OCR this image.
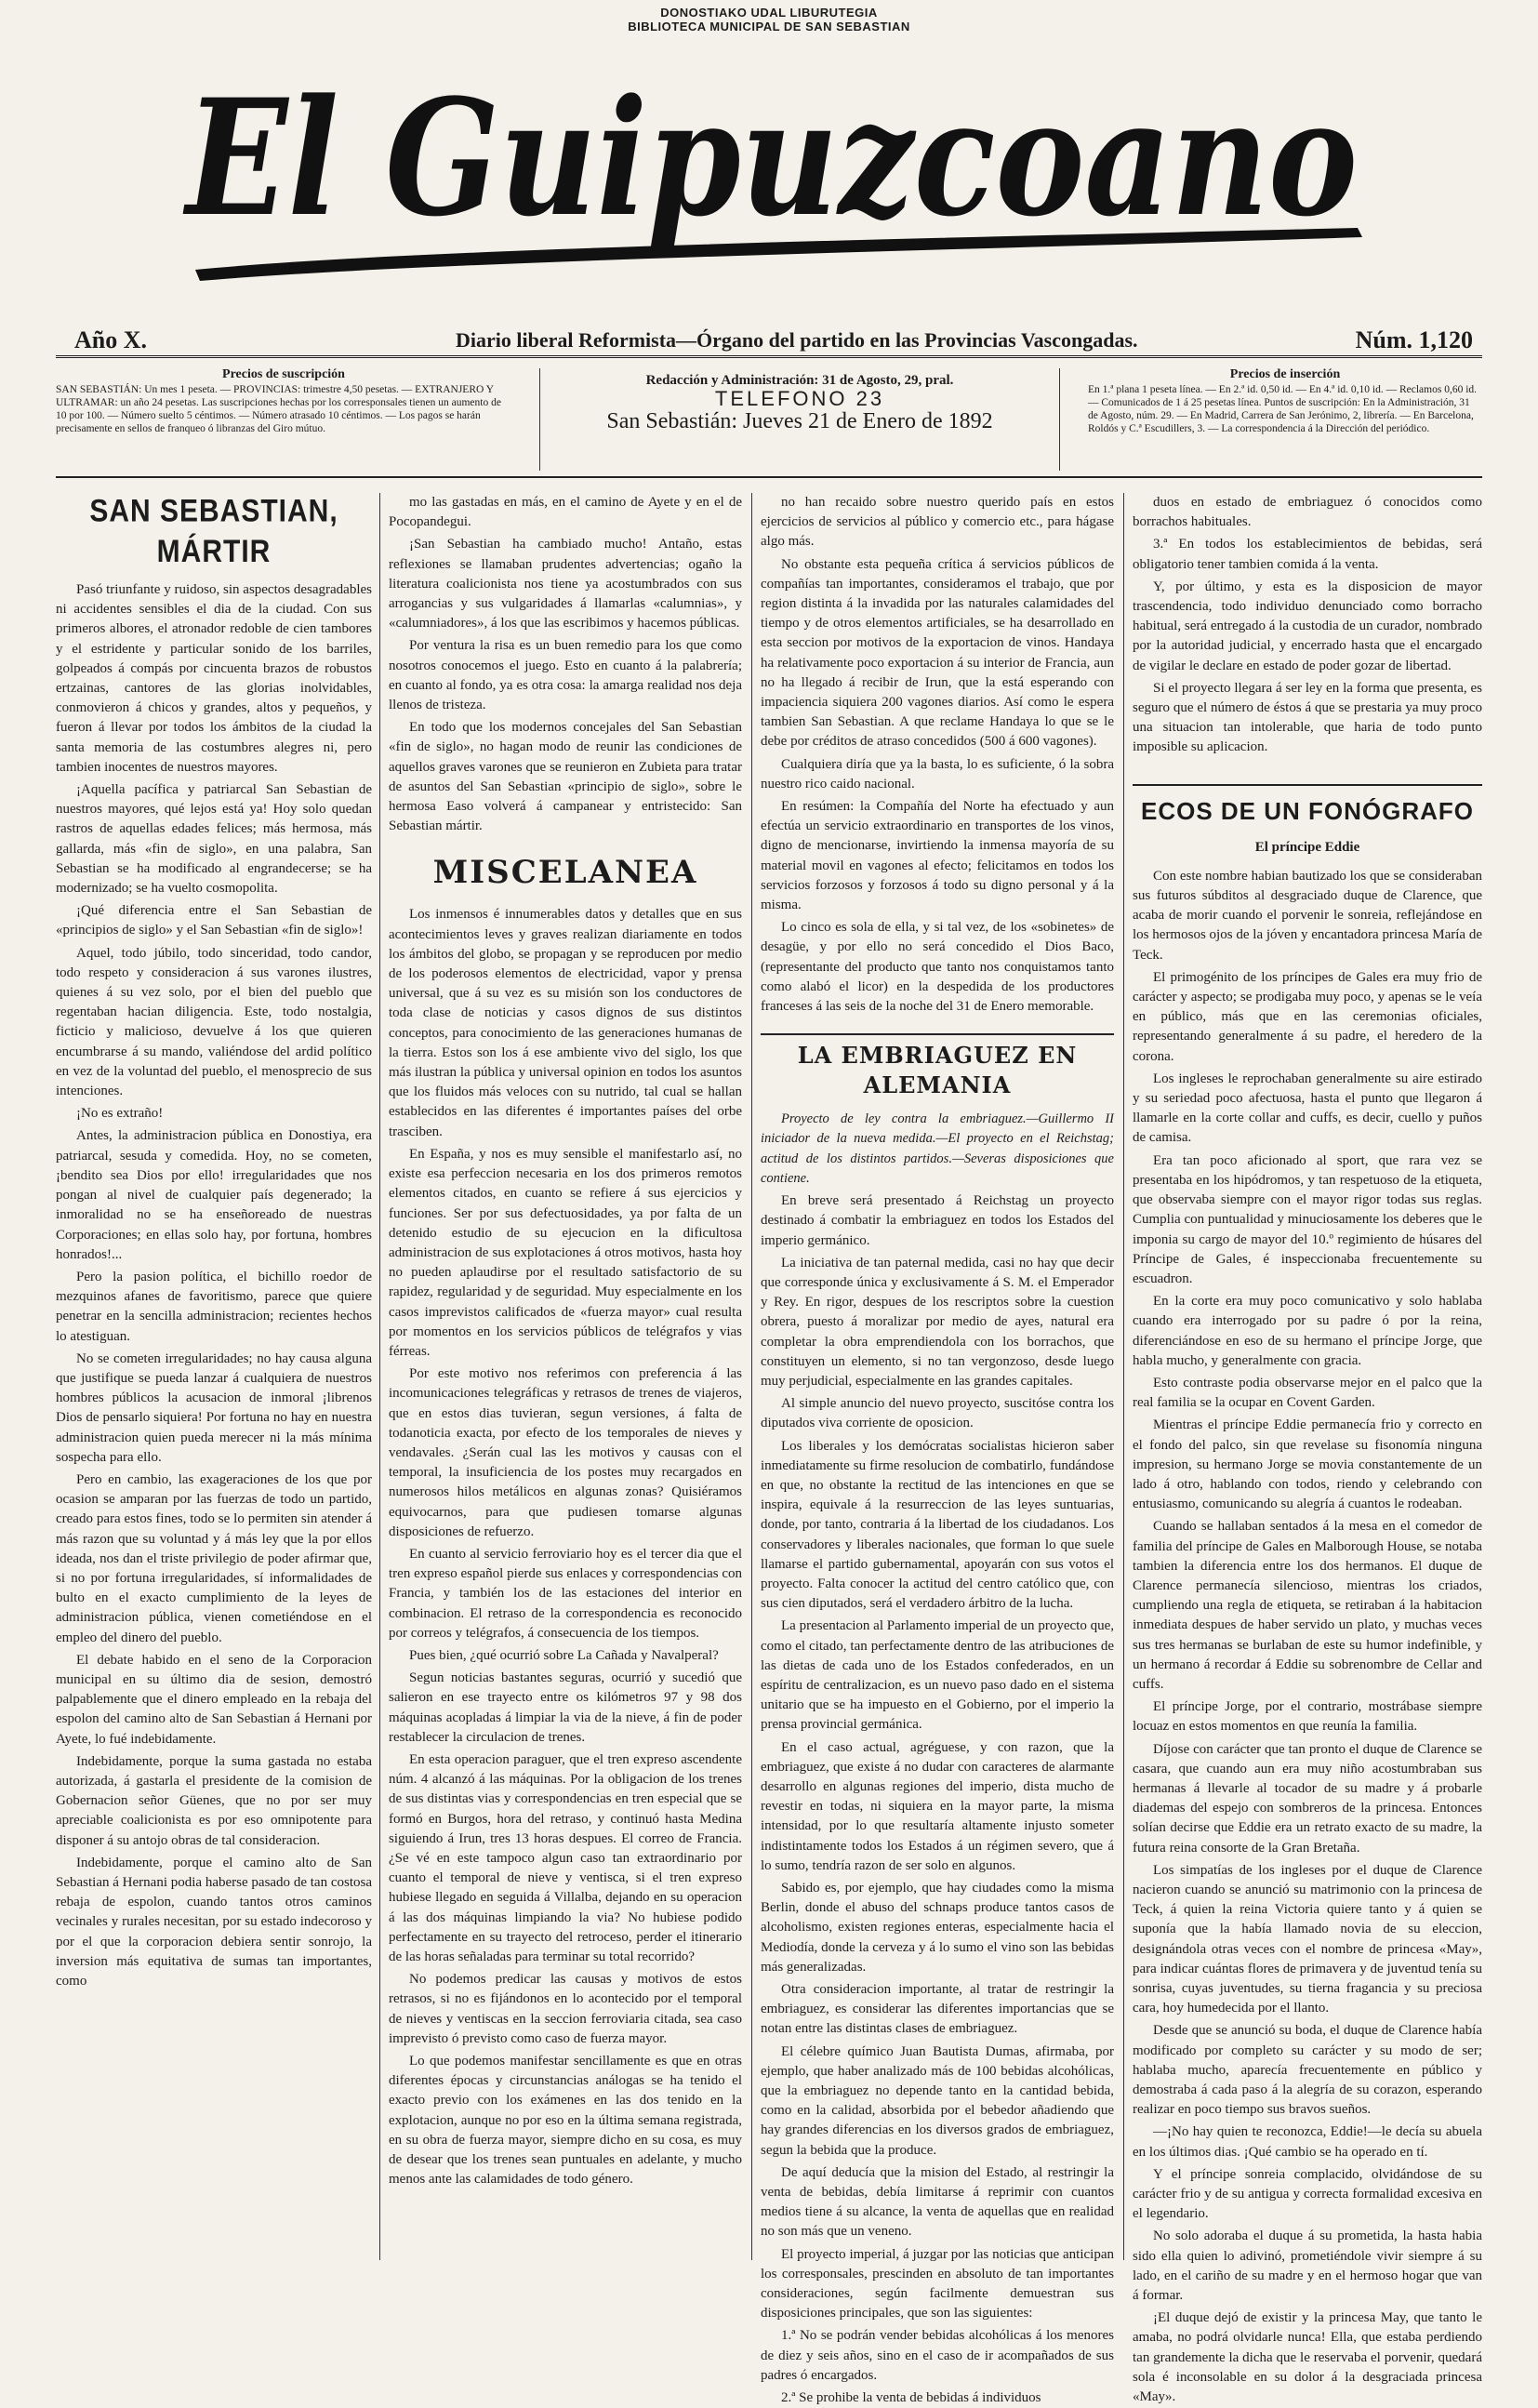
DONOSTIAKO UDAL LIBURUTEGIA
BIBLIOTECA MUNICIPAL DE SAN SEBASTIAN
El Guipuzcoano
Año X.	Diario liberal Reformista—Órgano del partido en las Provincias Vascongadas.	Núm. 1,120
Precios de suscripción
SAN SEBASTIÁN: Un mes 1 peseta. — PROVINCIAS: trimestre 4,50 pesetas. — EXTRANJERO Y ULTRAMAR: un año 24 pesetas. Las suscripciones hechas por los corresponsales tienen un aumento de 10 por 100. — Número suelto 5 céntimos. — Número atrasado 10 céntimos. — Los pagos se harán precisamente en sellos de franqueo ó libranzas del Giro mútuo.
Redacción y Administración: 31 de Agosto, 29, pral.
TELEFONO 23
San Sebastián: Jueves 21 de Enero de 1892
Precios de inserción
En 1.ª plana 1 peseta línea. — En 2.ª id. 0,50 id. — En 4.ª id. 0,10 id. — Reclamos 0,60 id. — Comunicados de 1 á 25 pesetas línea. Puntos de suscripción: En la Administración, 31 de Agosto, núm. 29. — En Madrid, Carrera de San Jerónimo, 2, librería. — En Barcelona, Roldós y C.ª Escudillers, 3. — La correspondencia á la Dirección del periódico.
SAN SEBASTIAN, MÁRTIR

Pasó triunfante y ruidoso, sin aspectos desagradables ni accidentes sensibles el dia de la ciudad. Con sus primeros albores, el atronador redoble de cien tambores y el estridente y particular sonido de los barriles, golpeados á compás por cincuenta brazos de robustos ertzainas, cantores de las glorias inolvidables, conmovieron á chicos y grandes, altos y pequeños, y fueron á llevar por todos los ámbitos de la ciudad la santa memoria de las costumbres alegres ni, pero tambien inocentes de nuestros mayores.

¡Aquella pacífica y patriarcal San Sebastian de nuestros mayores, qué lejos está ya! Hoy solo quedan rastros de aquellas edades felices; más hermosa, más gallarda, más «fin de siglo», en una palabra, San Sebastian se ha modificado al engrandecerse; se ha modernizado; se ha vuelto cosmopolita.

¡Qué diferencia entre el San Sebastian de «principios de siglo» y el San Sebastian «fin de siglo»!

Aquel, todo júbilo, todo sinceridad, todo candor, todo respeto y consideracion á sus varones ilustres, quienes á su vez solo, por el bien del pueblo que regentaban hacian diligencia. Este, todo nostalgia, ficticio y malicioso, devuelve á los que quieren encumbrarse á su mando, valiéndose del ardid político en vez de la voluntad del pueblo, el menosprecio de sus intenciones.

¡No es extraño!

Antes, la administracion pública en Donostiya, era patriarcal, sesuda y comedida. Hoy, no se cometen, ¡bendito sea Dios por ello! irregularidades que nos pongan al nivel de cualquier país degenerado; la inmoralidad no se ha enseñoreado de nuestras Corporaciones; en ellas solo hay, por fortuna, hombres honrados!...

Pero la pasion política, el bichillo roedor de mezquinos afanes de favoritismo, parece que quiere penetrar en la sencilla administracion; recientes hechos lo atestiguan.

No se cometen irregularidades; no hay causa alguna que justifique se pueda lanzar á cualquiera de nuestros hombres públicos la acusacion de inmoral ¡librenos Dios de pensarlo siquiera! Por fortuna no hay en nuestra administracion quien pueda merecer ni la más mínima sospecha para ello.

Pero en cambio, las exageraciones de los que por ocasion se amparan por las fuerzas de todo un partido, creado para estos fines, todo se lo permiten sin atender á más razon que su voluntad y á más ley que la por ellos ideada, nos dan el triste privilegio de poder afirmar que, si no por fortuna irregularidades, sí informalidades de bulto en el exacto cumplimiento de la leyes de administracion pública, vienen cometiéndose en el empleo del dinero del pueblo.

El debate habido en el seno de la Corporacion municipal en su último dia de sesion, demostró palpablemente que el dinero empleado en la rebaja del espolon del camino alto de San Sebastian á Hernani por Ayete, lo fué indebidamente.

Indebidamente, porque la suma gastada no estaba autorizada, á gastarla el presidente de la comision de Gobernacion señor Güenes, que no por ser muy apreciable coalicionista es por eso omnipotente para disponer á su antojo obras de tal consideracion.

Indebidamente, porque el camino alto de San Sebastian á Hernani podia haberse pasado de tan costosa rebaja de espolon, cuando tantos otros caminos vecinales y rurales necesitan, por su estado indecoroso y por el que la corporacion debiera sentir sonrojo, la inversion más equitativa de sumas tan importantes, como

mo las gastadas en más, en el camino de Ayete y en el de Pocopandegui.

¡San Sebastian ha cambiado mucho! Antaño, estas reflexiones se llamaban prudentes advertencias; ogaño la literatura coalicionista nos tiene ya acostumbrados con sus arrogancias y sus vulgaridades á llamarlas «calumnias», y «calumniadores», á los que las escribimos y hacemos públicas.

Por ventura la risa es un buen remedio para los que como nosotros conocemos el juego. Esto en cuanto á la palabrería; en cuanto al fondo, ya es otra cosa: la amarga realidad nos deja llenos de tristeza.

En todo que los modernos concejales del San Sebastian «fin de siglo», no hagan modo de reunir las condiciones de aquellos graves varones que se reunieron en Zubieta para tratar de asuntos del San Sebastian «principio de siglo», sobre le hermosa Easo volverá á campanear y entristecido: San Sebastian mártir.

MISCELANEA

Los inmensos é innumerables datos y detalles que en sus acontecimientos leves y graves realizan diariamente en todos los ámbitos del globo, se propagan y se reproducen por medio de los poderosos elementos de electricidad, vapor y prensa universal, que á su vez es su misión son los conductores de toda clase de noticias y casos dignos de sus distintos conceptos, para conocimiento de las generaciones humanas de la tierra. Estos son los á ese ambiente vivo del siglo, los que más ilustran la pública y universal opinion en todos los asuntos que los fluidos más veloces con su nutrido, tal cual se hallan establecidos en las diferentes é importantes países del orbe trasciben.

En España, y nos es muy sensible el manifestarlo así, no existe esa perfeccion necesaria en los dos primeros remotos elementos citados, en cuanto se refiere á sus ejercicios y funciones. Ser por sus defectuosidades, ya por falta de un detenido estudio de su ejecucion en la dificultosa administracion de sus explotaciones á otros motivos, hasta hoy no pueden aplaudirse por el resultado satisfactorio de su rapidez, regularidad y de seguridad. Muy especialmente en los casos imprevistos calificados de «fuerza mayor» cual resulta por momentos en los servicios públicos de telégrafos y vias férreas.

Por este motivo nos referimos con preferencia á las incomunicaciones telegráficas y retrasos de trenes de viajeros, que en estos dias tuvieran, segun versiones, á falta de todanoticia exacta, por efecto de los temporales de nieves y vendavales. ¿Serán cual las les motivos y causas con el temporal, la insuficiencia de los postes muy recargados en numerosos hilos metálicos en algunas zonas? Quisiéramos equivocarnos, para que pudiesen tomarse algunas disposiciones de refuerzo.

En cuanto al servicio ferroviario hoy es el tercer dia que el tren expreso español pierde sus enlaces y correspondencias con Francia, y también los de las estaciones del interior en combinacion. El retraso de la correspondencia es reconocido por correos y telégrafos, á consecuencia de los tiempos.

Pues bien, ¿qué ocurrió sobre La Cañada y Navalperal?

Segun noticias bastantes seguras, ocurrió y sucedió que salieron en ese trayecto entre os kilómetros 97 y 98 dos máquinas acopladas á limpiar la via de la nieve, á fin de poder restablecer la circulacion de trenes.

En esta operacion paraguer, que el tren expreso ascendente núm. 4 alcanzó á las máquinas. Por la obligacion de los trenes de sus distintas vias y correspondencias en tren especial que se formó en Burgos, hora del retraso, y continuó hasta Medina siguiendo á Irun, tres 13 horas despues. El correo de Francia. ¿Se vé en este tampoco algun caso tan extraordinario por cuanto el temporal de nieve y ventisca, si el tren expreso hubiese llegado en seguida á Villalba, dejando en su operacion á las dos máquinas limpiando la via? No hubiese podido perfectamente en su trayecto del retroceso, perder el itinerario de las horas señaladas para terminar su total recorrido?

No podemos predicar las causas y motivos de estos retrasos, si no es fijándonos en lo acontecido por el temporal de nieves y ventiscas en la seccion ferroviaria citada, sea caso imprevisto ó previsto como caso de fuerza mayor.

Lo que podemos manifestar sencillamente es que en otras diferentes épocas y circunstancias análogas se ha tenido el exacto previo con los exámenes en las dos tenido en la explotacion, aunque no por eso en la última semana registrada, en su obra de fuerza mayor, siempre dicho en su cosa, es muy de desear que los trenes sean puntuales en adelante, y mucho menos ante las calamidades de todo género.

no han recaido sobre nuestro querido país en estos ejercicios de servicios al público y comercio etc., para hágase algo más.

No obstante esta pequeña crítica á servicios públicos de compañías tan importantes, consideramos el trabajo, que por region distinta á la invadida por las naturales calamidades del tiempo y de otros elementos artificiales, se ha desarrollado en esta seccion por motivos de la exportacion de vinos. Handaya ha relativamente poco exportacion á su interior de Francia, aun no ha llegado á recibir de Irun, que la está esperando con impaciencia siquiera 200 vagones diarios. Así como le espera tambien San Sebastian. A que reclame Handaya lo que se le debe por créditos de atraso concedidos (500 á 600 vagones).

Cualquiera diría que ya la basta, lo es suficiente, ó la sobra nuestro rico caido nacional.

En resúmen: la Compañía del Norte ha efectuado y aun efectúa un servicio extraordinario en transportes de los vinos, digno de mencionarse, invirtiendo la inmensa mayoría de su material movil en vagones al efecto; felicitamos en todos los servicios forzosos y forzosos á todo su digno personal y á la misma.

Lo cinco es sola de ella, y si tal vez, de los «sobinetes» de desagüe, y por ello no será concedido el Dios Baco, (representante del producto que tanto nos conquistamos tanto como alabó el licor) en la despedida de los productores franceses á las seis de la noche del 31 de Enero memorable.

LA EMBRIAGUEZ EN ALEMANIA

Proyecto de ley contra la embriaguez.—Guillermo II iniciador de la nueva medida.—El proyecto en el Reichstag; actitud de los distintos partidos.—Severas disposiciones que contiene.

En breve será presentado á Reichstag un proyecto destinado á combatir la embriaguez en todos los Estados del imperio germánico.

La iniciativa de tan paternal medida, casi no hay que decir que corresponde única y exclusivamente á S. M. el Emperador y Rey. En rigor, despues de los rescriptos sobre la cuestion obrera, puesto á moralizar por medio de ayes, natural era completar la obra emprendiendola con los borrachos, que constituyen un elemento, si no tan vergonzoso, desde luego muy perjudicial, especialmente en las grandes capitales.

Al simple anuncio del nuevo proyecto, suscitóse contra los diputados viva corriente de oposicion.

Los liberales y los demócratas socialistas hicieron saber inmediatamente su firme resolucion de combatirlo, fundándose en que, no obstante la rectitud de las intenciones en que se inspira, equivale á la resurreccion de las leyes suntuarias, donde, por tanto, contraria á la libertad de los ciudadanos. Los conservadores y liberales nacionales, que forman lo que suele llamarse el partido gubernamental, apoyarán con sus votos el proyecto. Falta conocer la actitud del centro católico que, con sus cien diputados, será el verdadero árbitro de la lucha.

La presentacion al Parlamento imperial de un proyecto que, como el citado, tan perfectamente dentro de las atribuciones de las dietas de cada uno de los Estados confederados, en un espíritu de centralizacion, es un nuevo paso dado en el sistema unitario que se ha impuesto en el Gobierno, por el imperio la prensa provincial germánica.

En el caso actual, agréguese, y con razon, que la embriaguez, que existe á no dudar con caracteres de alarmante desarrollo en algunas regiones del imperio, dista mucho de revestir en todas, ni siquiera en la mayor parte, la misma intensidad, por lo que resultaría altamente injusto someter indistintamente todos los Estados á un régimen severo, que á lo sumo, tendría razon de ser solo en algunos.

Sabido es, por ejemplo, que hay ciudades como la misma Berlin, donde el abuso del schnaps produce tantos casos de alcoholismo, existen regiones enteras, especialmente hacia el Mediodía, donde la cerveza y á lo sumo el vino son las bebidas más generalizadas.

Otra consideracion importante, al tratar de restringir la embriaguez, es considerar las diferentes importancias que se notan entre las distintas clases de embriaguez.

El célebre químico Juan Bautista Dumas, afirmaba, por ejemplo, que haber analizado más de 100 bebidas alcohólicas, que la embriaguez no depende tanto en la cantidad bebida, como en la calidad, absorbida por el bebedor añadiendo que hay grandes diferencias en los diversos grados de embriaguez, segun la bebida que la produce.

De aquí deducía que la mision del Estado, al restringir la venta de bebidas, debía limitarse á reprimir con cuantos medios tiene á su alcance, la venta de aquellas que en realidad no son más que un veneno.

El proyecto imperial, á juzgar por las noticias que anticipan los corresponsales, prescinden en absoluto de tan importantes consideraciones, según facilmente demuestran sus disposiciones principales, que son las siguientes:

1.ª No se podrán vender bebidas alcohólicas á los menores de diez y seis años, sino en el caso de ir acompañados de sus padres ó encargados.

2.ª Se prohibe la venta de bebidas á individuos

duos en estado de embriaguez ó conocidos como borrachos habituales.

3.ª En todos los establecimientos de bebidas, será obligatorio tener tambien comida á la venta.

Y, por último, y esta es la disposicion de mayor trascendencia, todo individuo denunciado como borracho habitual, será entregado á la custodia de un curador, nombrado por la autoridad judicial, y encerrado hasta que el encargado de vigilar le declare en estado de poder gozar de libertad.

Si el proyecto llegara á ser ley en la forma que presenta, es seguro que el número de éstos á que se prestaria ya muy proco una situacion tan intolerable, que haria de todo punto imposible su aplicacion.

ECOS DE UN FONÓGRAFO
El príncipe Eddie

Con este nombre habian bautizado los que se consideraban sus futuros súbditos al desgraciado duque de Clarence, que acaba de morir cuando el porvenir le sonreia, reflejándose en los hermosos ojos de la jóven y encantadora princesa María de Teck.

El primogénito de los príncipes de Gales era muy frio de carácter y aspecto; se prodigaba muy poco, y apenas se le veía en público, más que en las ceremonias oficiales, representando generalmente á su padre, el heredero de la corona.

Los ingleses le reprochaban generalmente su aire estirado y su seriedad poco afectuosa, hasta el punto que llegaron á llamarle en la corte collar and cuffs, es decir, cuello y puños de camisa.

Era tan poco aficionado al sport, que rara vez se presentaba en los hipódromos, y tan respetuoso de la etiqueta, que observaba siempre con el mayor rigor todas sus reglas. Cumplia con puntualidad y minuciosamente los deberes que le imponia su cargo de mayor del 10.º regimiento de húsares del Príncipe de Gales, é inspeccionaba frecuentemente su escuadron.

En la corte era muy poco comunicativo y solo hablaba cuando era interrogado por su padre ó por la reina, diferenciándose en eso de su hermano el príncipe Jorge, que habla mucho, y generalmente con gracia.

Esto contraste podia observarse mejor en el palco que la real familia se la ocupar en Covent Garden.

Mientras el príncipe Eddie permanecía frio y correcto en el fondo del palco, sin que revelase su fisonomía ninguna impresion, su hermano Jorge se movia constantemente de un lado á otro, hablando con todos, riendo y celebrando con entusiasmo, comunicando su alegría á cuantos le rodeaban.

Cuando se hallaban sentados á la mesa en el comedor de familia del príncipe de Gales en Malborough House, se notaba tambien la diferencia entre los dos hermanos. El duque de Clarence permanecía silencioso, mientras los criados, cumpliendo una regla de etiqueta, se retiraban á la habitacion inmediata despues de haber servido un plato, y muchas veces sus tres hermanas se burlaban de este su humor indefinible, y un hermano á recordar á Eddie su sobrenombre de Cellar and cuffs.

El príncipe Jorge, por el contrario, mostrábase siempre locuaz en estos momentos en que reunía la familia.

Díjose con carácter que tan pronto el duque de Clarence se casara, que cuando aun era muy niño acostumbraban sus hermanas á llevarle al tocador de su madre y á probarle diademas del espejo con sombreros de la princesa. Entonces solían decirse que Eddie era un retrato exacto de su madre, la futura reina consorte de la Gran Bretaña.

Los simpatías de los ingleses por el duque de Clarence nacieron cuando se anunció su matrimonio con la princesa de Teck, á quien la reina Victoria quiere tanto y á quien se suponía que la había llamado novia de su eleccion, designándola otras veces con el nombre de princesa «May», para indicar cuántas flores de primavera y de juventud tenía su sonrisa, cuyas juventudes, su tierna fragancia y su preciosa cara, hoy humedecida por el llanto.

Desde que se anunció su boda, el duque de Clarence había modificado por completo su carácter y su modo de ser; hablaba mucho, aparecía frecuentemente en público y demostraba á cada paso á la alegría de su corazon, esperando realizar en poco tiempo sus bravos sueños.

—¡No hay quien te reconozca, Eddie!—le decía su abuela en los últimos dias. ¡Qué cambio se ha operado en tí.

Y el príncipe sonreia complacido, olvidándose de su carácter frio y de su antigua y correcta formalidad excesiva en el legendario.

No solo adoraba el duque á su prometida, la hasta habia sido ella quien lo adivinó, prometiéndole vivir siempre á su lado, en el cariño de su madre y en el hermoso hogar que van á formar.

¡El duque dejó de existir y la princesa May, que tanto le amaba, no podrá olvidarle nunca! Ella, que estaba perdiendo tan grandemente la dicha que le reservaba el porvenir, quedará sola é inconsolable en su dolor á la desgraciada princesa «May».
